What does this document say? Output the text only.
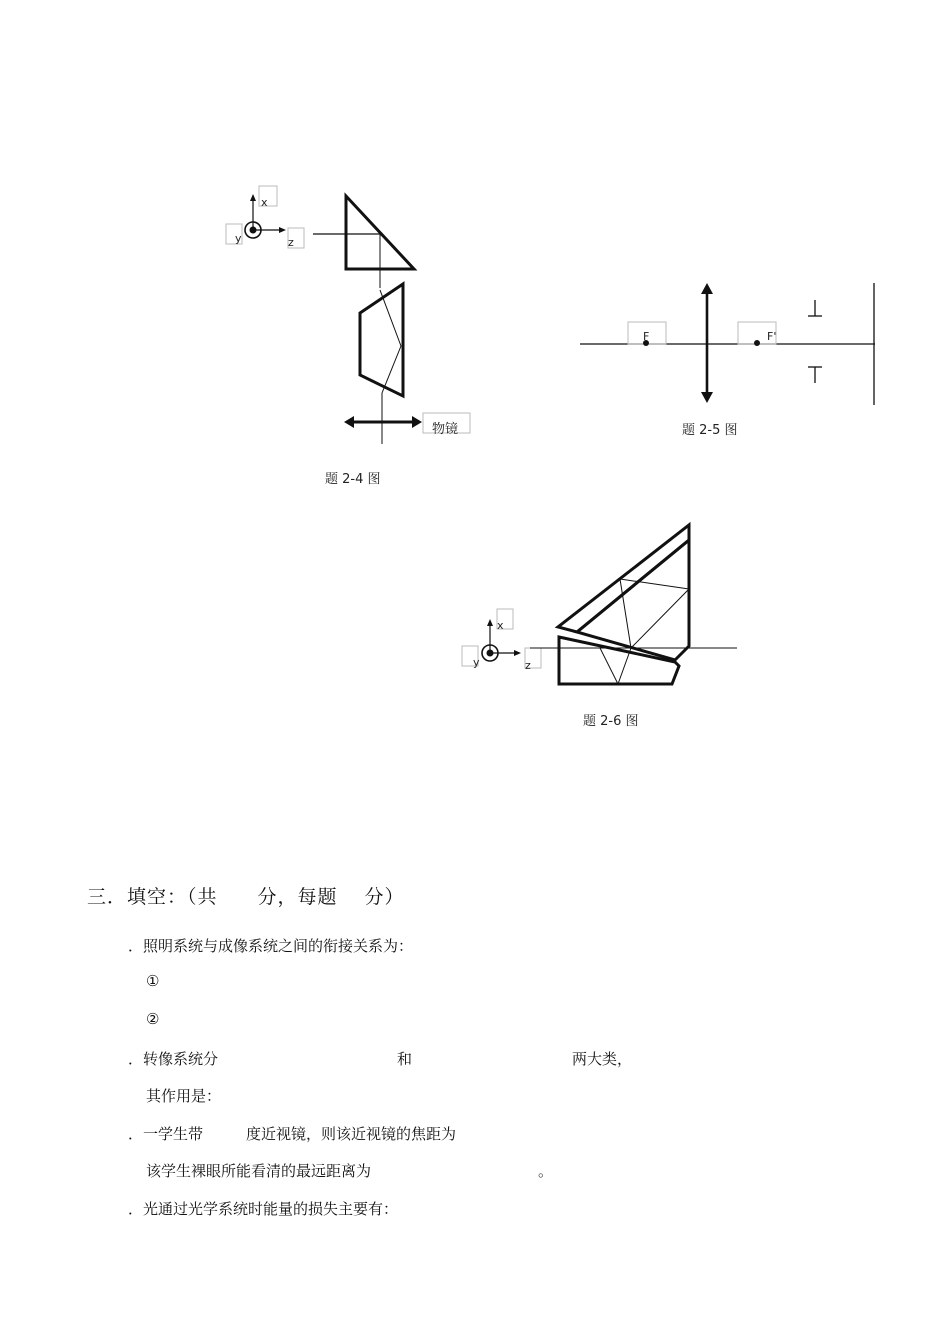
x
y	z
物镜
题 2-4 图
F	F'
题 2-5 图
x
y	z
题 2-6 图
三．填空：（共　　分，每题　 分）
．照明系统与成像系统之间的衔接关系为：
①
②
．转像系统分	和	两大类，
其作用是：
．一学生带	度近视镜，则该近视镜的焦距为
该学生裸眼所能看清的最远距离为	。
．光通过光学系统时能量的损失主要有：
